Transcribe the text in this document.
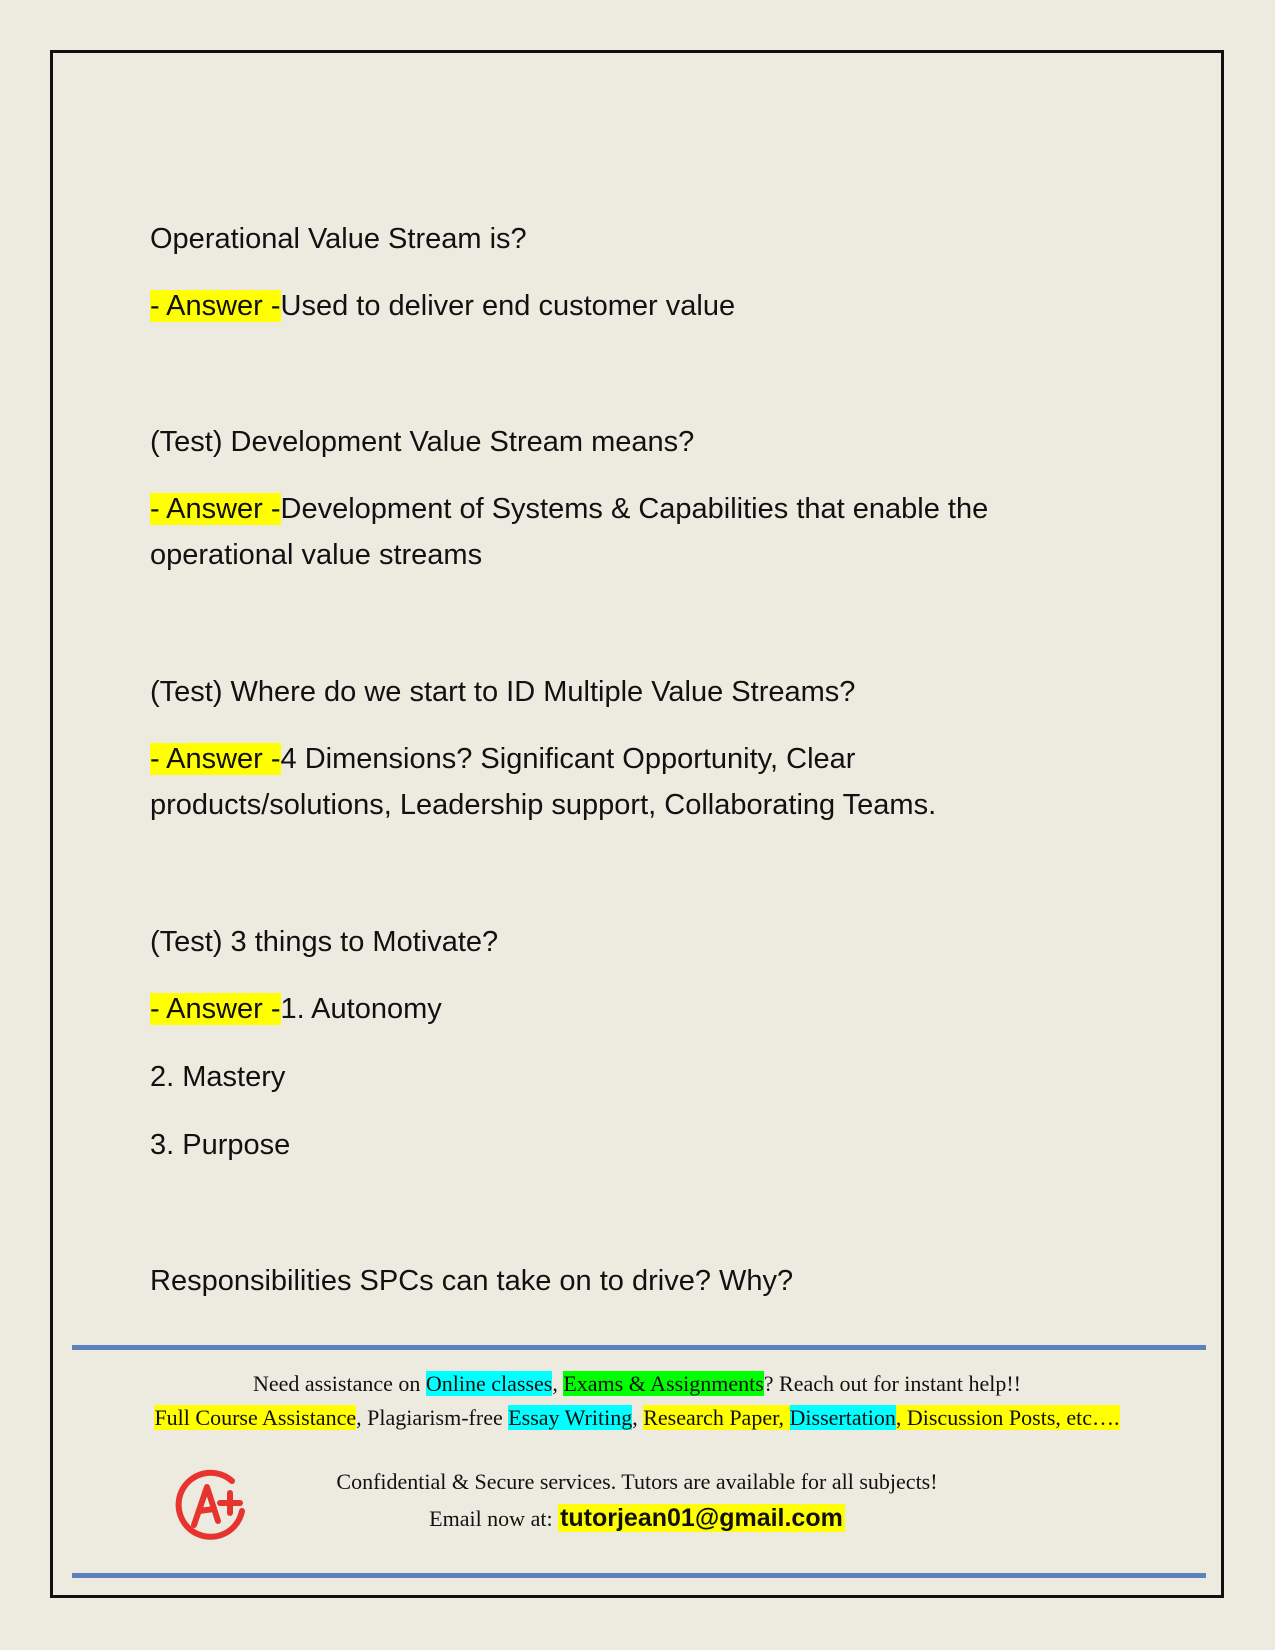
Operational Value Stream is?
- Answer -Used to deliver end customer value
(Test) Development Value Stream means?
- Answer -Development of Systems & Capabilities that enable the
operational value streams
(Test) Where do we start to ID Multiple Value Streams?
- Answer -4 Dimensions? Significant Opportunity, Clear
products/solutions, Leadership support, Collaborating Teams.
(Test) 3 things to Motivate?
- Answer -1. Autonomy
2. Mastery
3. Purpose
Responsibilities SPCs can take on to drive? Why?
Need assistance on Online classes, Exams & Assignments? Reach out for instant help!!
Full Course Assistance, Plagiarism-free Essay Writing, Research Paper, Dissertation, Discussion Posts, etc….
Confidential & Secure services. Tutors are available for all subjects!
Email now at: tutorjean01@gmail.com
